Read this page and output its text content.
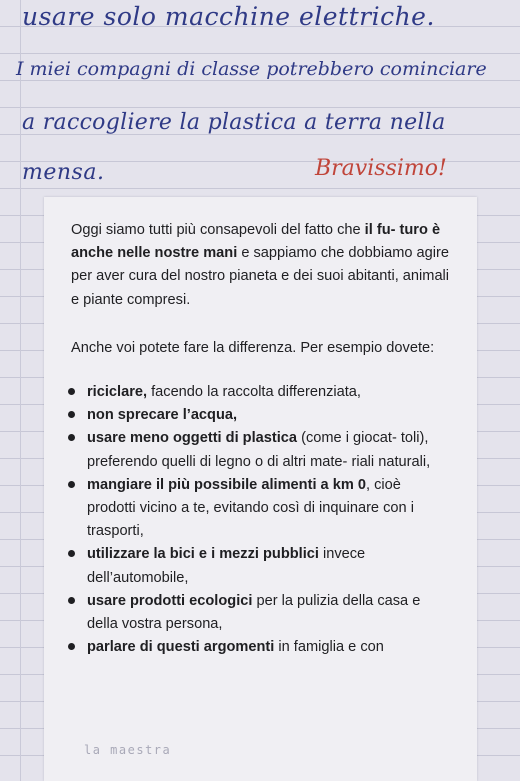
usare solo macchine elettriche.
I miei compagni di classe potrebbero cominciare
a raccogliere la plastica a terra nella
mensa.	Bravissimo!

Oggi siamo tutti più consapevoli del fatto che il fu- turo è anche nelle nostre mani e sappiamo che dobbiamo agire per aver cura del nostro pianeta e dei suoi abitanti, animali e piante compresi.

Anche voi potete fare la differenza. Per esempio dovete:

riciclare, facendo la raccolta differenziata,
non sprecare l’acqua,
usare meno oggetti di plastica (come i giocat- toli), preferendo quelli di legno o di altri mate- riali naturali,
mangiare il più possibile alimenti a km 0, cioè prodotti vicino a te, evitando così di inquinare con i trasporti,
utilizzare la bici e i mezzi pubblici invece dell’automobile,
usare prodotti ecologici per la pulizia della casa e della vostra persona,
parlare di questi argomenti in famiglia e con
la maestra
